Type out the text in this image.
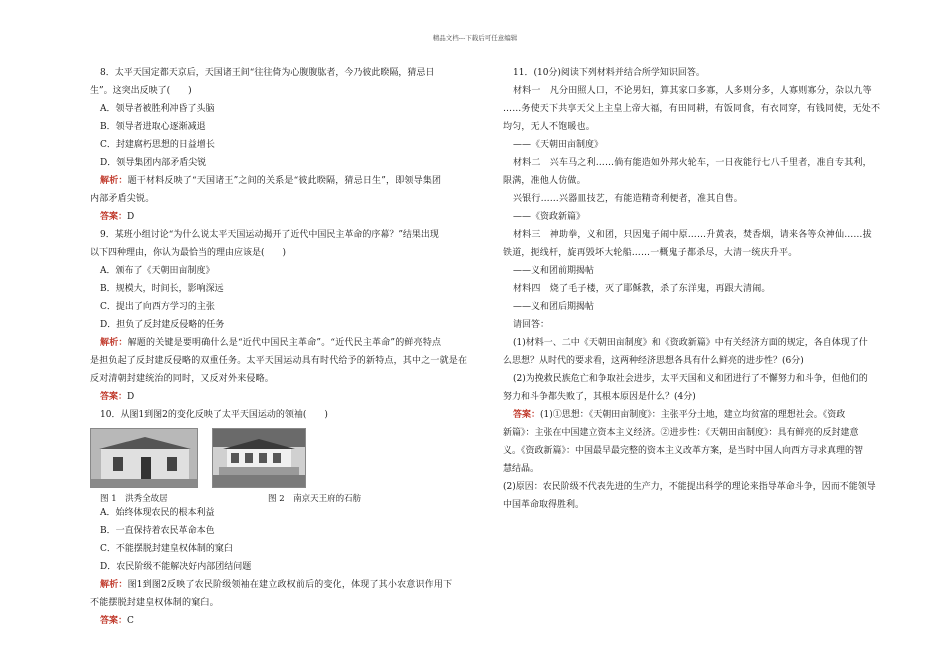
精品文档---下载后可任意编辑

8．太平天国定都天京后，天国诸王间“往往倚为心腹腹肱者，今乃彼此睽隔，猜忌日

生”。这突出反映了(　　)

A．领导者被胜利冲昏了头脑

B．领导者进取心逐渐减退

C．封建腐朽思想的日益增长

D．领导集团内部矛盾尖锐

解析：题干材料反映了“天国诸王”之间的关系是“彼此睽隔，猜忌日生”，即领导集团

内部矛盾尖锐。

答案：D

9．某班小组讨论“为什么说太平天国运动揭开了近代中国民主革命的序幕？”结果出现

以下四种理由，你认为最恰当的理由应该是(　　)

A．颁布了《天朝田亩制度》

B．规模大，时间长，影响深远

C．提出了向西方学习的主张

D．担负了反封建反侵略的任务

解析：解题的关键是要明确什么是“近代中国民主革命”。“近代民主革命”的鲜亮特点

是担负起了反封建反侵略的双重任务。太平天国运动具有时代给予的新特点，其中之一就是在

反对清朝封建统治的同时，又反对外来侵略。

答案：D

10．从图1到图2的变化反映了太平天国运动的领袖(　　)

图 1　洪秀全故居	图 2　南京天王府的石舫

A．始终体现农民的根本利益

B．一直保持着农民革命本色

C．不能摆脱封建皇权体制的窠臼

D．农民阶级不能解决好内部团结问题

解析：图1到图2反映了农民阶级领袖在建立政权前后的变化，体现了其小农意识作用下

不能摆脱封建皇权体制的窠臼。

答案：C

11．(10分)阅读下列材料并结合所学知识回答。

材料一　凡分田照人口，不论男妇，算其家口多寡，人多则分多，人寡则寡分，杂以九等

……务使天下共享天父上主皇上帝大福，有田同耕，有饭同食，有衣同穿，有钱同使，无处不

均匀，无人不饱暖也。

——《天朝田亩制度》

材料二　兴车马之利……倘有能造如外邦火轮车，一日夜能行七八千里者，准自专其利，

限满，准他人仿做。

兴银行……兴器皿技艺，有能造精奇利便者，准其自售。

——《资政新篇》

材料三　神助拳，义和团，只因鬼子闹中原……升黄表，焚香烟，请来各等众神仙……拔

铁道，扼线杆，旋再毁坏大轮船……一概鬼子都杀尽，大清一统庆升平。

——义和团前期揭帖

材料四　烧了毛子楼，灭了耶稣教，杀了东洋鬼，再跟大清闹。

——义和团后期揭帖

请回答：

(1)材料一、二中《天朝田亩制度》和《资政新篇》中有关经济方面的规定，各自体现了什

么思想？从时代的要求看，这两种经济思想各具有什么鲜亮的进步性？(6分)

(2)为挽救民族危亡和争取社会进步，太平天国和义和团进行了不懈努力和斗争，但他们的

努力和斗争都失败了，其根本原因是什么？(4分)

答案：(1)①思想：《天朝田亩制度》：主张平分土地，建立均贫富的理想社会。《资政

新篇》：主张在中国建立资本主义经济。②进步性：《天朝田亩制度》：具有鲜亮的反封建意

义。《资政新篇》：中国最早最完整的资本主义改革方案，是当时中国人向西方寻求真理的智

慧结晶。

(2)原因：农民阶级不代表先进的生产力，不能提出科学的理论来指导革命斗争，因而不能领导

中国革命取得胜利。
